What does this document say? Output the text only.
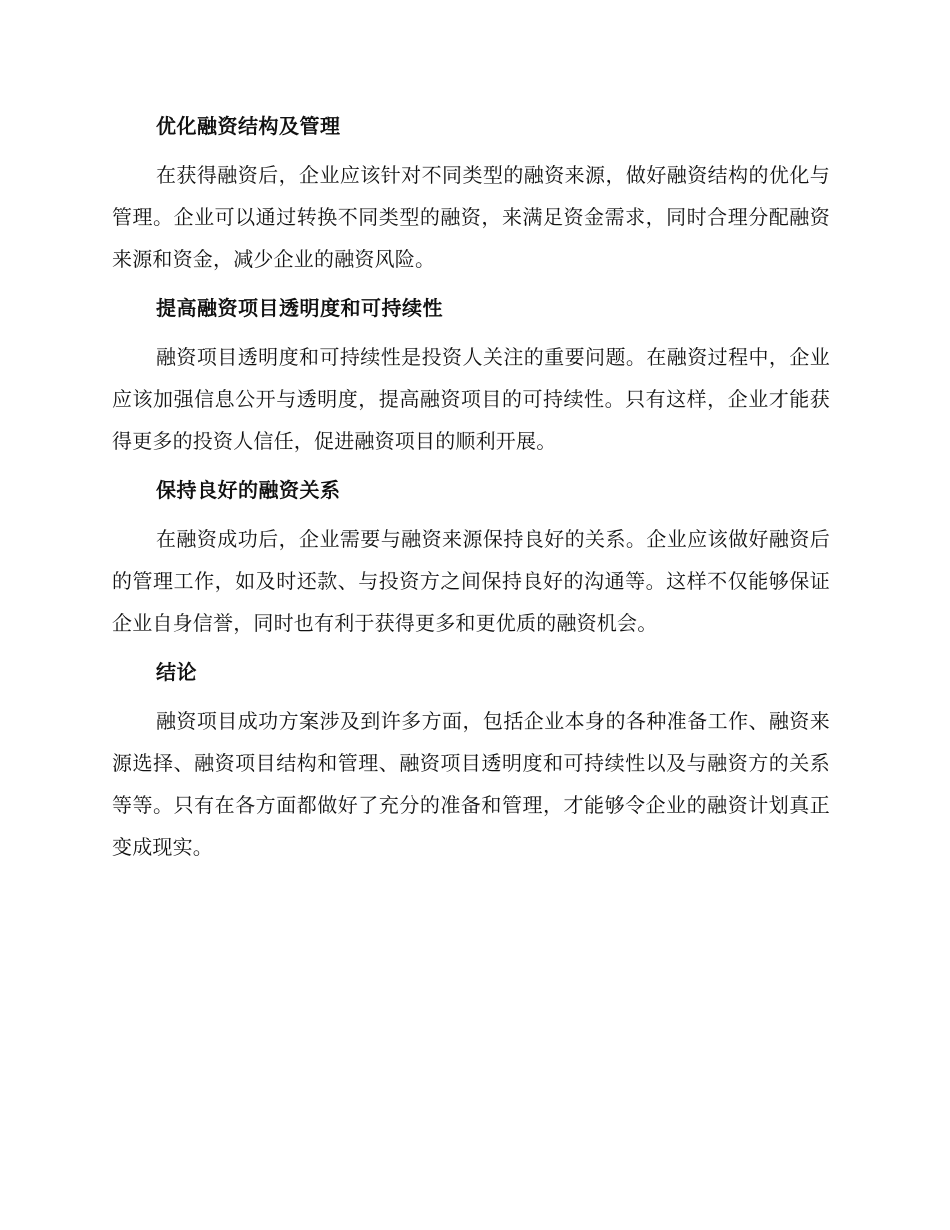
优化融资结构及管理

在获得融资后，企业应该针对不同类型的融资来源，做好融资结构的优化与管理。企业可以通过转换不同类型的融资，来满足资金需求，同时合理分配融资来源和资金，减少企业的融资风险。

提高融资项目透明度和可持续性

融资项目透明度和可持续性是投资人关注的重要问题。在融资过程中，企业应该加强信息公开与透明度，提高融资项目的可持续性。只有这样，企业才能获得更多的投资人信任，促进融资项目的顺利开展。

保持良好的融资关系

在融资成功后，企业需要与融资来源保持良好的关系。企业应该做好融资后的管理工作，如及时还款、与投资方之间保持良好的沟通等。这样不仅能够保证企业自身信誉，同时也有利于获得更多和更优质的融资机会。

结论

融资项目成功方案涉及到许多方面，包括企业本身的各种准备工作、融资来源选择、融资项目结构和管理、融资项目透明度和可持续性以及与融资方的关系等等。只有在各方面都做好了充分的准备和管理，才能够令企业的融资计划真正变成现实。
